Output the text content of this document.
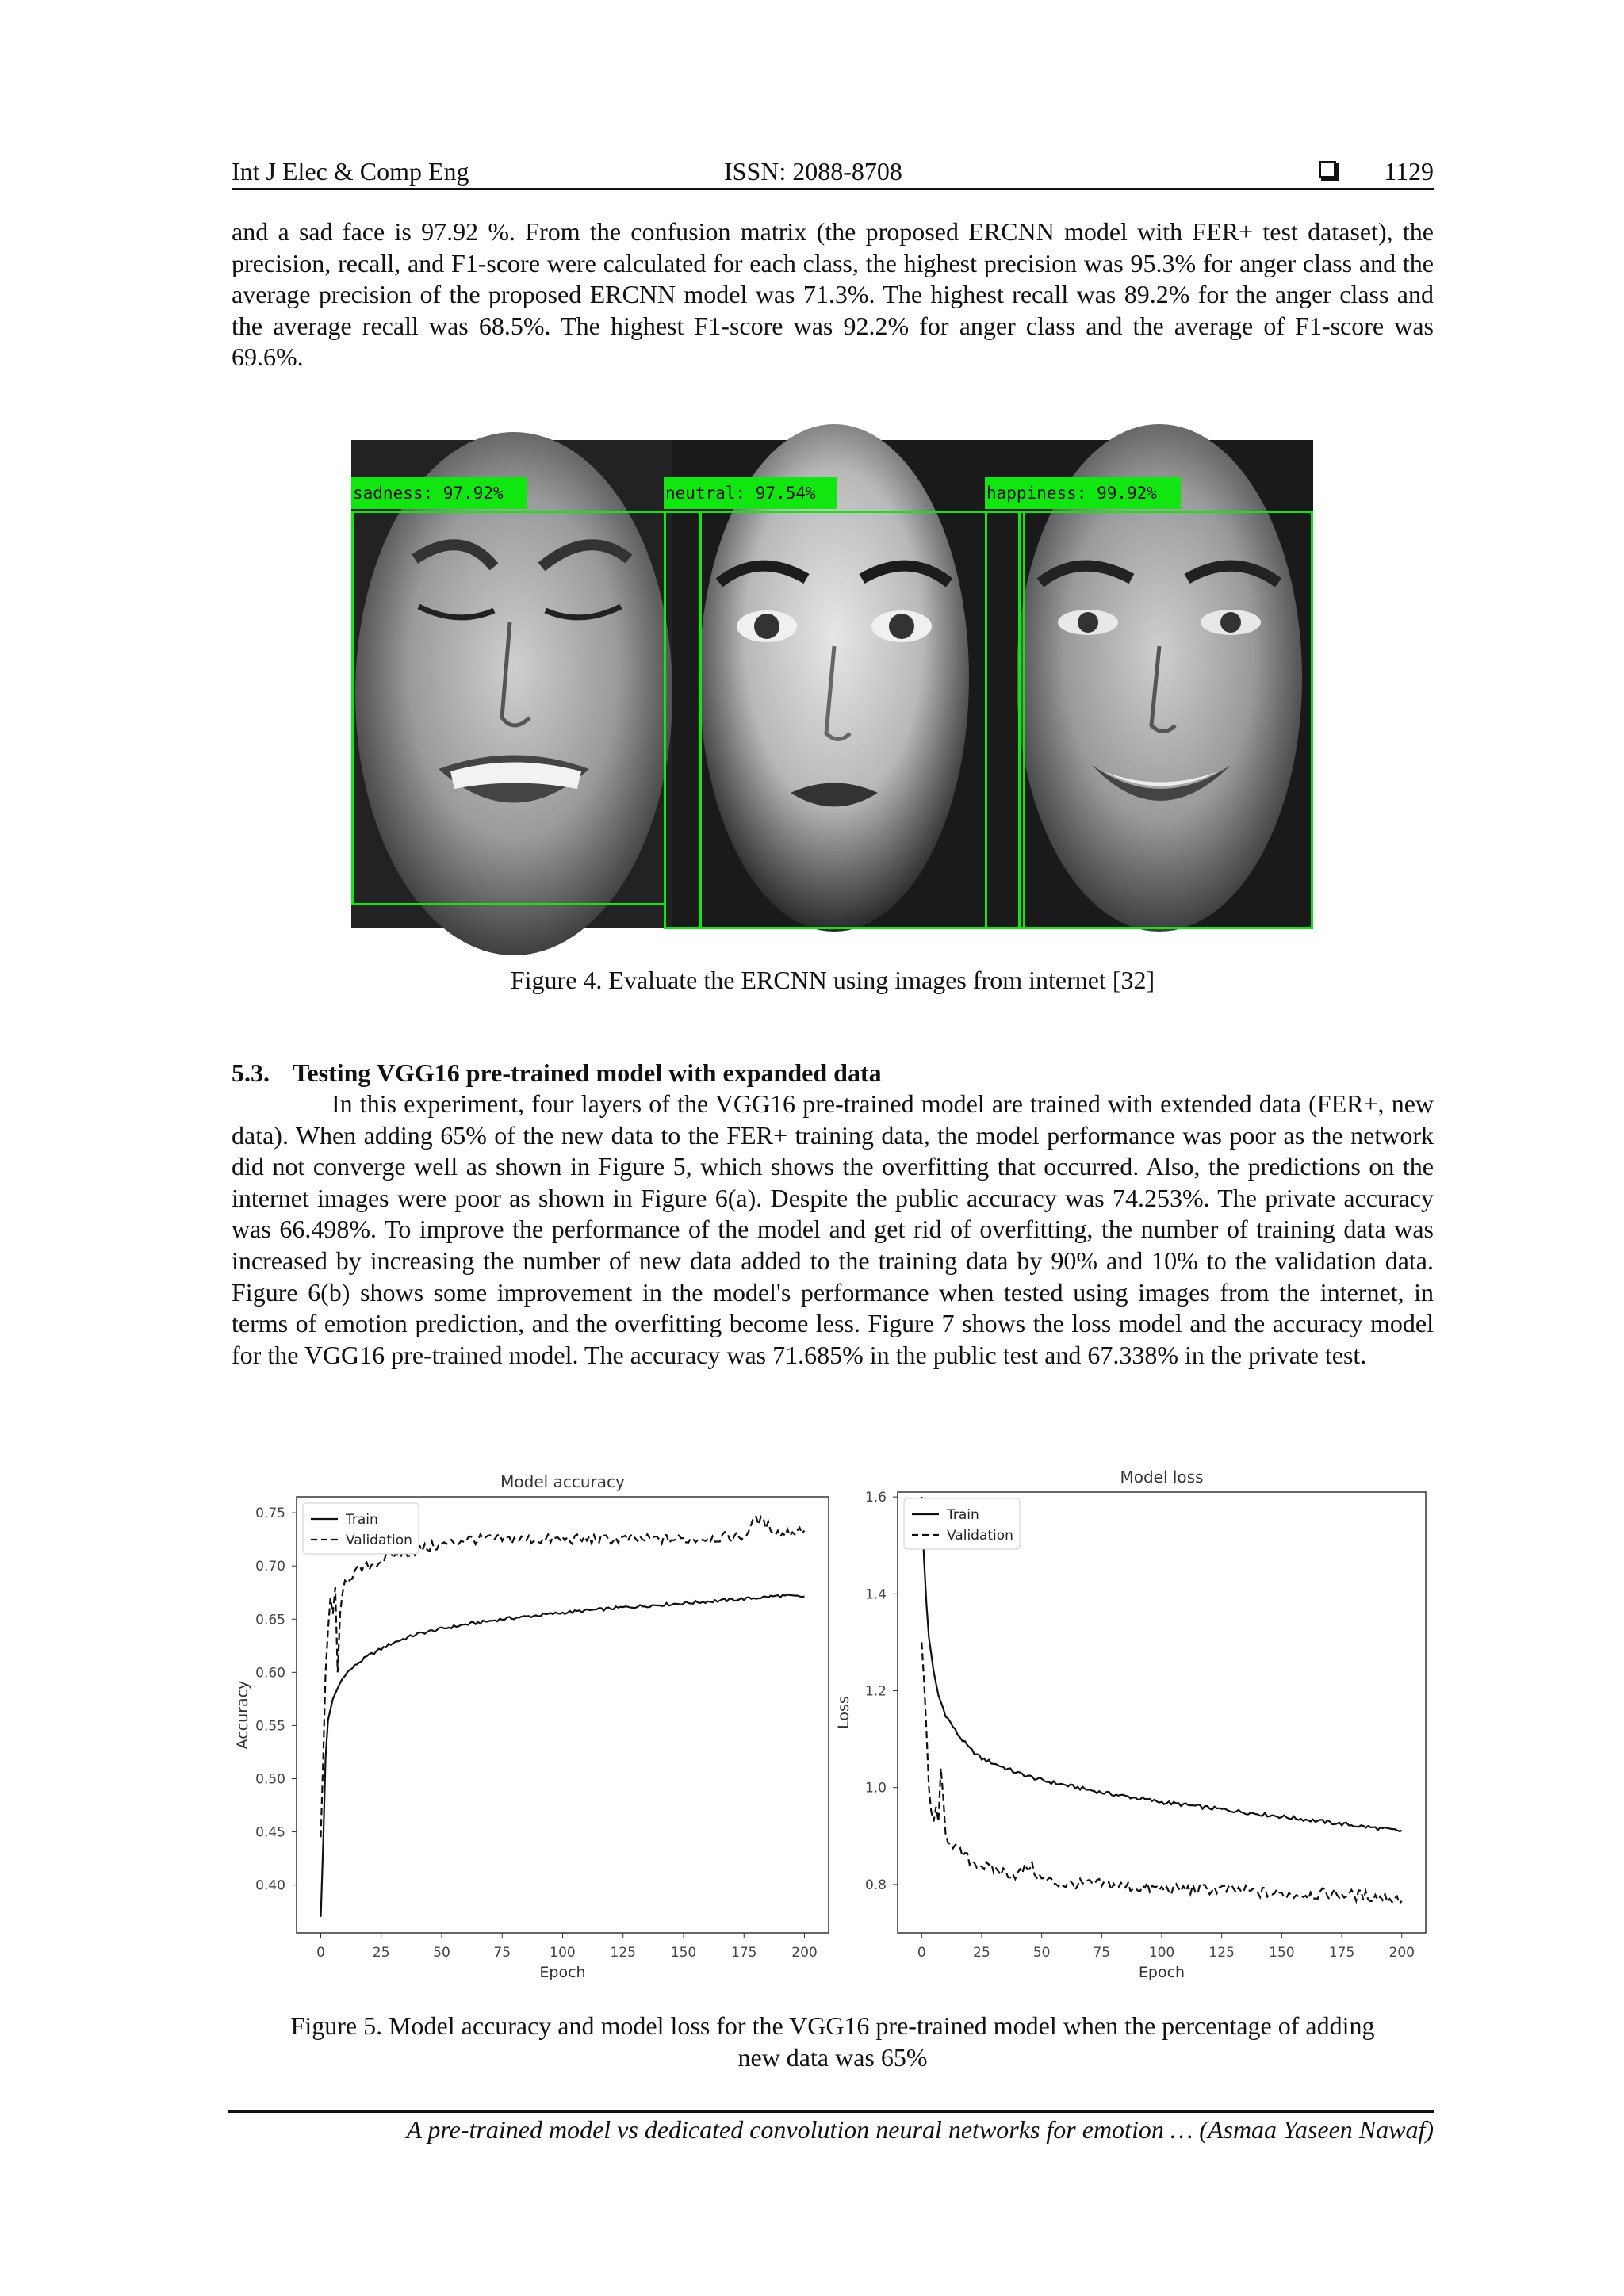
Int J Elec & Comp Eng	ISSN: 2088-8708	1129

and a sad face is 97.92 %. From the confusion matrix (the proposed ERCNN model with FER+ test dataset), the precision, recall, and F1-score were calculated for each class, the highest precision was 95.3% for anger class and the average precision of the proposed ERCNN model was 71.3%. The highest recall was 89.2% for the anger class and the average recall was 68.5%. The highest F1-score was 92.2% for anger class and the average of F1-score was 69.6%.

sadness: 97.92%	neutral: 97.54%	happiness: 99.92%

Figure 4. Evaluate the ERCNN using images from internet [32]

5.3. Testing VGG16 pre-trained model with expanded data

In this experiment, four layers of the VGG16 pre-trained model are trained with extended data (FER+, new data). When adding 65% of the new data to the FER+ training data, the model performance was poor as the network did not converge well as shown in Figure 5, which shows the overfitting that occurred. Also, the predictions on the internet images were poor as shown in Figure 6(a). Despite the public accuracy was 74.253%. The private accuracy was 66.498%. To improve the performance of the model and get rid of overfitting, the number of training data was increased by increasing the number of new data added to the training data by 90% and 10% to the validation data. Figure 6(b) shows some improvement in the model's performance when tested using images from the internet, in terms of emotion prediction, and the overfitting become less. Figure 7 shows the loss model and the accuracy model for the VGG16 pre-trained model. The accuracy was 71.685% in the public test and 67.338% in the private test.

Model accuracy
0	25	50	75	100	125	150	175	200
0.40
0.45
0.50
0.55
0.60
0.65
0.70
0.75
Epoch
Accuracy
Train
Validation
Model loss
0	25	50	75	100	125	150	175	200
0.8
1.0
1.2
1.4
1.6
Epoch
Loss
Train
Validation

Figure 5. Model accuracy and model loss for the VGG16 pre-trained model when the percentage of adding

new data was 65%

A pre-trained model vs dedicated convolution neural networks for emotion … (Asmaa Yaseen Nawaf)
